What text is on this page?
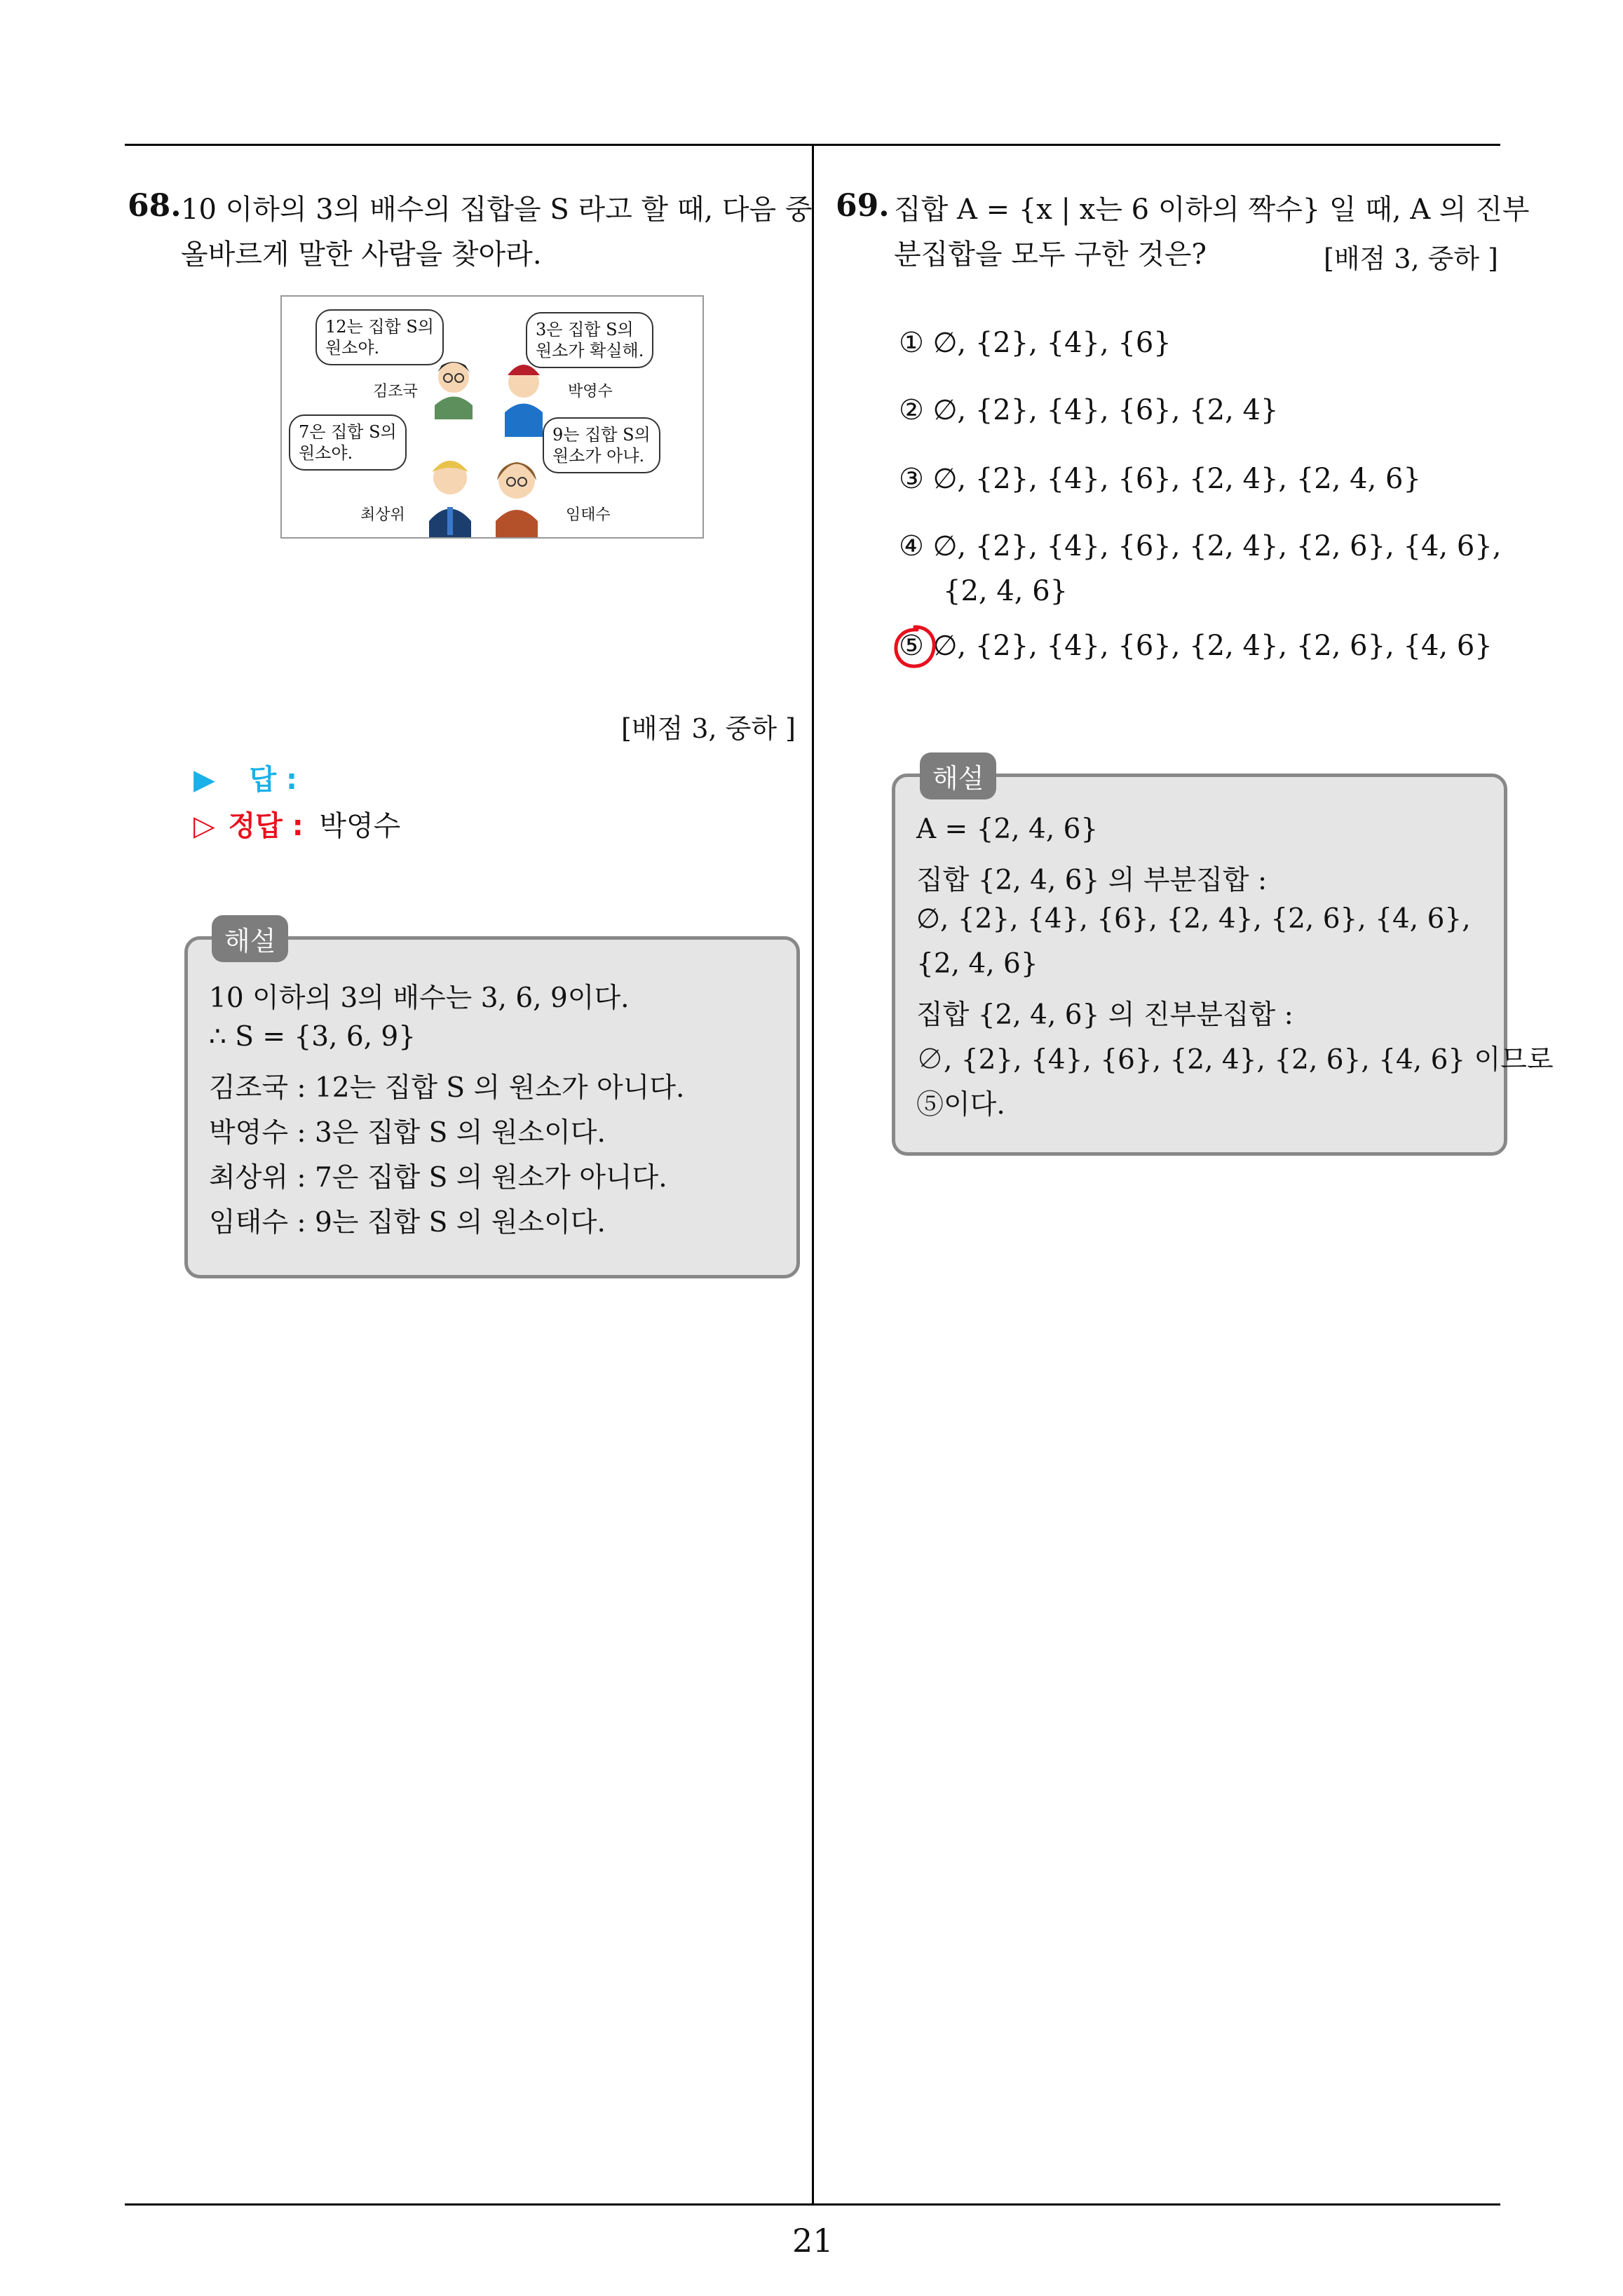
68. 10 이하의 3의 배수의 집합을 S 라고 할 때, 다음 중
올바르게 말한 사람을 찾아라.
12는 집합 S의
원소야.
3은 집합 S의
원소가 확실해.
7은 집합 S의
원소야.
9는 집합 S의
원소가 아냐.
김조국	박영수
최상위	임태수
[배점 3, 중하 ]
▶ 답 :
▷ 정답 : 박영수
10 이하의 3의 배수는 3, 6, 9이다.
∴ S = {3, 6, 9}
김조국 : 12는 집합 S 의 원소가 아니다.
박영수 : 3은 집합 S 의 원소이다.
최상위 : 7은 집합 S 의 원소가 아니다.
임태수 : 9는 집합 S 의 원소이다.
해설
69. 집합 A = {x | x는 6 이하의 짝수} 일 때, A 의 진부
분집합을 모두 구한 것은?	[배점 3, 중하 ]
① ∅, {2}, {4}, {6}
② ∅, {2}, {4}, {6}, {2, 4}
③ ∅, {2}, {4}, {6}, {2, 4}, {2, 4, 6}
④ ∅, {2}, {4}, {6}, {2, 4}, {2, 6}, {4, 6},
{2, 4, 6}
⑤ ∅, {2}, {4}, {6}, {2, 4}, {2, 6}, {4, 6}
A = {2, 4, 6}
집합 {2, 4, 6} 의 부분집합 :
∅, {2}, {4}, {6}, {2, 4}, {2, 6}, {4, 6},
{2, 4, 6}
집합 {2, 4, 6} 의 진부분집합 :
∅, {2}, {4}, {6}, {2, 4}, {2, 6}, {4, 6} 이므로
⑤이다.
해설
21
